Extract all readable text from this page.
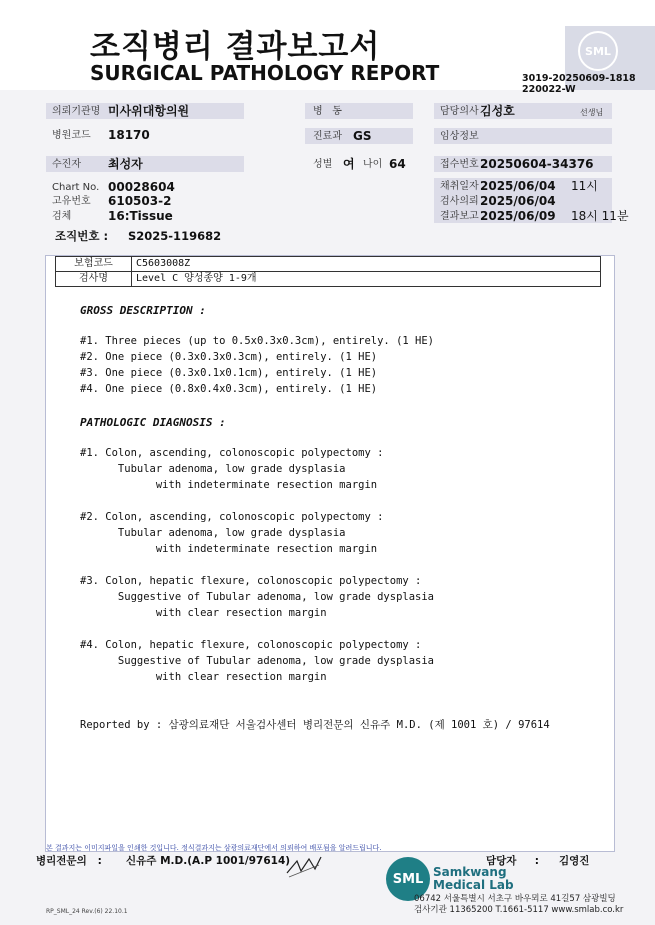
SML
조직병리 결과보고서
SURGICAL PATHOLOGY REPORT	3019-20250609-1818
220022-W
의뢰기관명 미사위대항의원
병원코드 18170
수진자 최성자
Chart No. 00028604
고유번호 610503-2
검체	16:Tissue
조직번호 : S2025-119682
병   동
진료과 GS
성별 여 나이 64
담당의사 김성호	선생님
임상정보
접수번호 20250604-34376
채취일자 2025/06/04 11시
검사의뢰 2025/06/04
결과보고 2025/06/09 18시 11분
보험코드	C5603008Z
검사명	Level C 양성종양 1-9개
GROSS DESCRIPTION :
#1. Three pieces (up to 0.5x0.3x0.3cm), entirely. (1 HE)
#2. One piece (0.3x0.3x0.3cm), entirely. (1 HE)
#3. One piece (0.3x0.1x0.1cm), entirely. (1 HE)
#4. One piece (0.8x0.4x0.3cm), entirely. (1 HE)
PATHOLOGIC DIAGNOSIS :
#1. Colon, ascending, colonoscopic polypectomy :
Tubular adenoma, low grade dysplasia
with indeterminate resection margin
#2. Colon, ascending, colonoscopic polypectomy :
Tubular adenoma, low grade dysplasia
with indeterminate resection margin
#3. Colon, hepatic flexure, colonoscopic polypectomy :
Suggestive of Tubular adenoma, low grade dysplasia
with clear resection margin
#4. Colon, hepatic flexure, colonoscopic polypectomy :
Suggestive of Tubular adenoma, low grade dysplasia
with clear resection margin
Reported by : 삼광의료재단 서울검사센터 병리전문의 신유주 M.D. (제 1001 호) / 97614
본 결과지는 이미지파일을 인쇄한 것입니다. 정식결과지는 삼광의료재단에서 의뢰하여 배포됨을 알려드립니다.
병리전문의   : 신유주 M.D.(A.P 1001/97614)	담당자     : 김영진
SML Samkwang
Medical Lab
06742 서울특별시 서초구 바우뫼로 41길57 삼광빌딩
검사기관 11365200 T.1661-5117 www.smlab.co.kr
RP_SML_24 Rev.(6) 22.10.1
